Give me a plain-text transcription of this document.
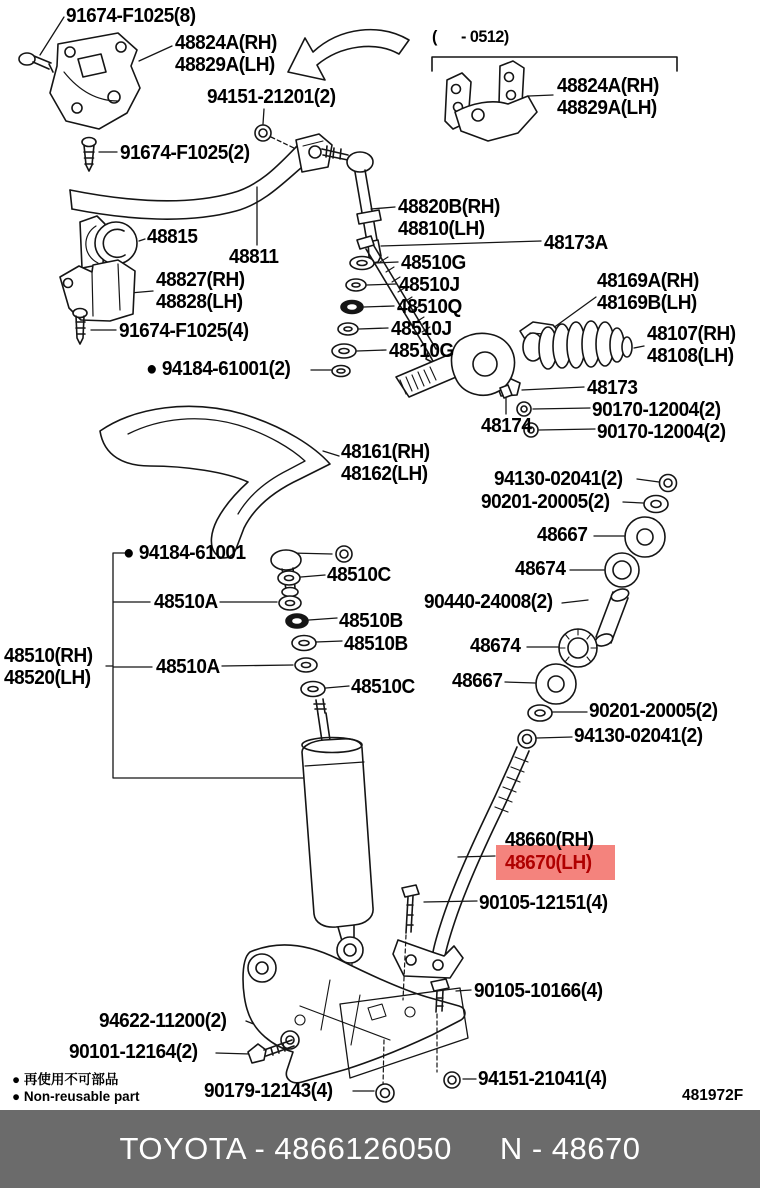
91674-F1025(8)
48824A(RH)
48829A(LH)
94151-21201(2)
91674-F1025(2)
(      - 0512)
48824A(RH)
48829A(LH)
48820B(RH)
48810(LH)
48173A
48815
48811
48827(RH)
48828(LH)
48510G
48510J
48510Q
48510J
48510G
48169A(RH)
48169B(LH)
91674-F1025(4)	48107(RH)
48108(LH)
● 94184-61001(2)
48173
90170-12004(2)
90170-12004(2)
48174
48161(RH)
48162(LH)	94130-02041(2)
90201-20005(2)
48667
48674
90440-24008(2)
48674
48667
90201-20005(2)
94130-02041(2)
● 94184-61001
48510C
48510A
48510B
48510B
48510(RH)
48520(LH)	48510A
48510C
48660(RH)
48670(LH)
90105-12151(4)
90105-10166(4)
94622-11200(2)
90101-12164(2)
90179-12143(4)
94151-21041(4)
● 再使用不可部品
● Non-reusable part	481972F
TOYOTA - 4866126050 N - 48670
